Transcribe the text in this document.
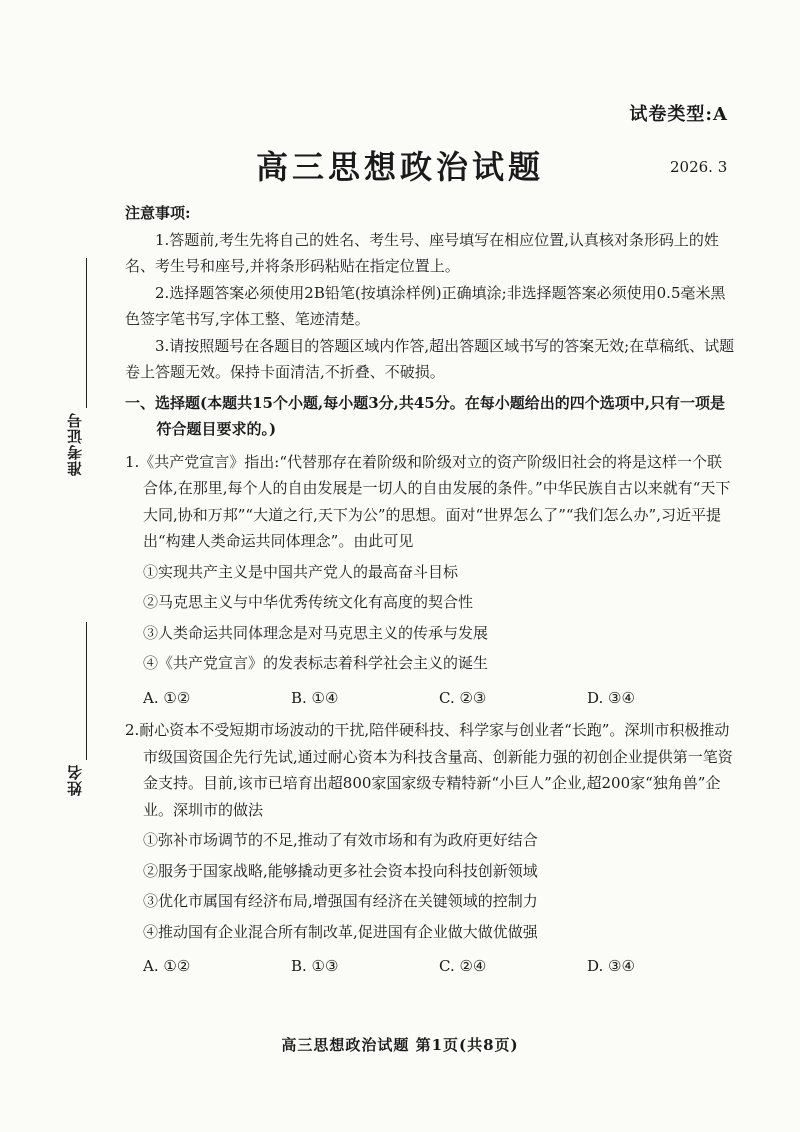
试卷类型:A
高三思想政治试题	2026. 3
准考证号
姓名

注意事项:

1.答题前,考生先将自己的姓名、考生号、座号填写在相应位置,认真核对条形码上的姓名、考生号和座号,并将条形码粘贴在指定位置上。

2.选择题答案必须使用2B铅笔(按填涂样例)正确填涂;非选择题答案必须使用0.5毫米黑色签字笔书写,字体工整、笔迹清楚。

3.请按照题号在各题目的答题区域内作答,超出答题区域书写的答案无效;在草稿纸、试题卷上答题无效。保持卡面清洁,不折叠、不破损。

一、选择题(本题共15个小题,每小题3分,共45分。在每小题给出的四个选项中,只有一项是符合题目要求的。)

1.《共产党宣言》指出:“代替那存在着阶级和阶级对立的资产阶级旧社会的将是这样一个联合体,在那里,每个人的自由发展是一切人的自由发展的条件。”中华民族自古以来就有“天下大同,协和万邦”“大道之行,天下为公”的思想。面对“世界怎么了”“我们怎么办”,习近平提出“构建人类命运共同体理念”。由此可见

①实现共产主义是中国共产党人的最高奋斗目标

②马克思主义与中华优秀传统文化有高度的契合性

③人类命运共同体理念是对马克思主义的传承与发展

④《共产党宣言》的发表标志着科学社会主义的诞生

A. ①②	B. ①④	C. ②③	D. ③④

2.耐心资本不受短期市场波动的干扰,陪伴硬科技、科学家与创业者“长跑”。深圳市积极推动市级国资国企先行先试,通过耐心资本为科技含量高、创新能力强的初创企业提供第一笔资金支持。目前,该市已培育出超800家国家级专精特新“小巨人”企业,超200家“独角兽”企业。深圳市的做法

①弥补市场调节的不足,推动了有效市场和有为政府更好结合

②服务于国家战略,能够撬动更多社会资本投向科技创新领域

③优化市属国有经济布局,增强国有经济在关键领域的控制力

④推动国有企业混合所有制改革,促进国有企业做大做优做强

A. ①②	B. ①③	C. ②④	D. ③④

高三思想政治试题 第1页(共8页)
